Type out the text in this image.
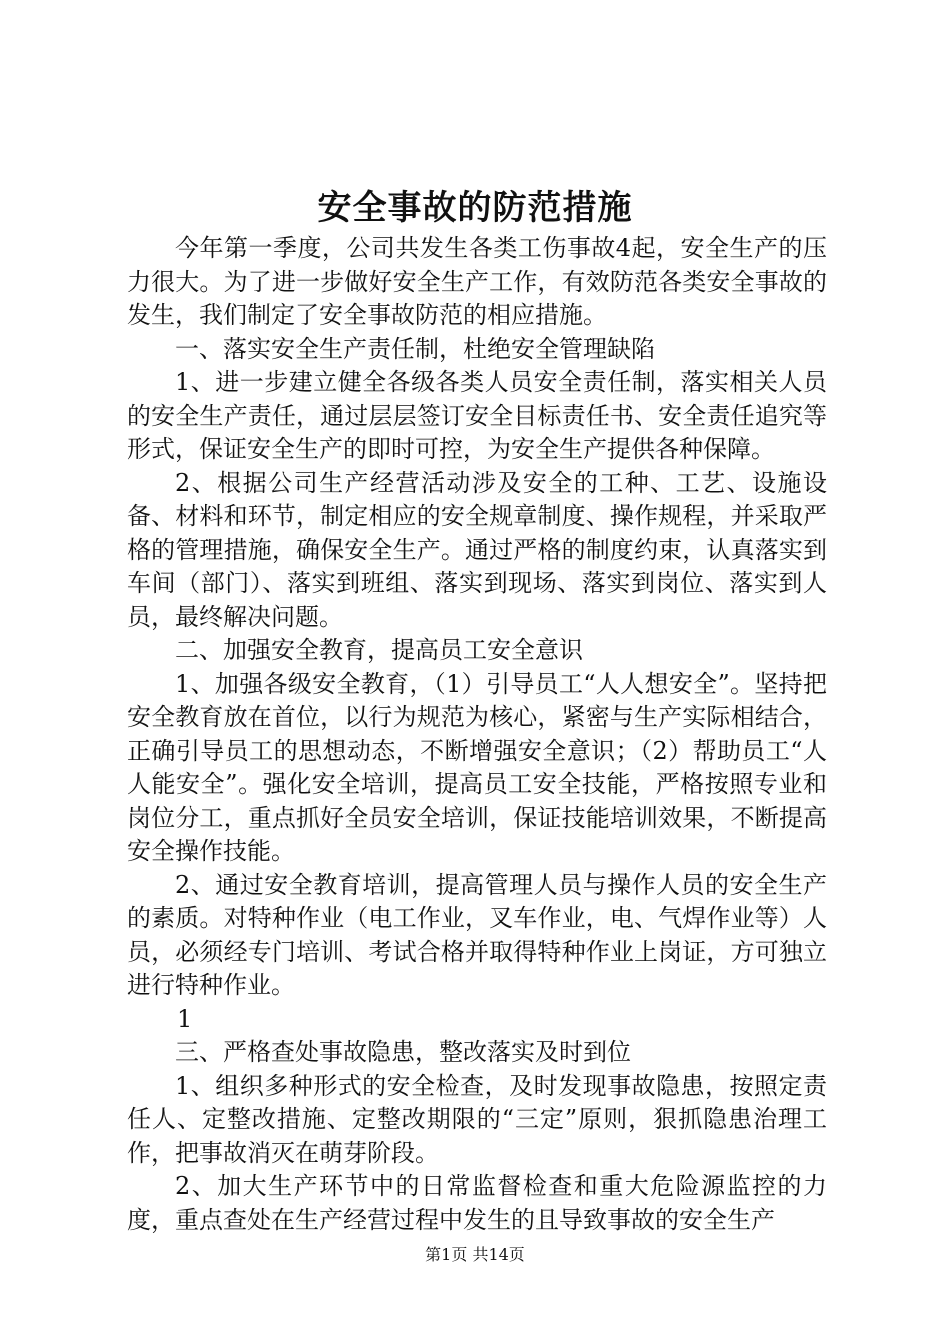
安全事故的防范措施

今年第一季度，公司共发生各类工伤事故4起，安全生产的压力很大。为了进一步做好安全生产工作，有效防范各类安全事故的发生，我们制定了安全事故防范的相应措施。

一、落实安全生产责任制，杜绝安全管理缺陷

1、进一步建立健全各级各类人员安全责任制，落实相关人员的安全生产责任，通过层层签订安全目标责任书、安全责任追究等形式，保证安全生产的即时可控，为安全生产提供各种保障。

2、根据公司生产经营活动涉及安全的工种、工艺、设施设备、材料和环节，制定相应的安全规章制度、操作规程，并采取严格的管理措施，确保安全生产。通过严格的制度约束，认真落实到车间（部门）、落实到班组、落实到现场、落实到岗位、落实到人员，最终解决问题。

二、加强安全教育，提高员工安全意识

1、加强各级安全教育，（1）引导员工“人人想安全”。坚持把安全教育放在首位，以行为规范为核心，紧密与生产实际相结合，正确引导员工的思想动态，不断增强安全意识；（2）帮助员工“人人能安全”。强化安全培训，提高员工安全技能，严格按照专业和岗位分工，重点抓好全员安全培训，保证技能培训效果，不断提高安全操作技能。

2、通过安全教育培训，提高管理人员与操作人员的安全生产的素质。对特种作业（电工作业，叉车作业，电、气焊作业等）人员，必须经专门培训、考试合格并取得特种作业上岗证，方可独立进行特种作业。

1

三、严格查处事故隐患，整改落实及时到位

1、组织多种形式的安全检查，及时发现事故隐患，按照定责任人、定整改措施、定整改期限的“三定”原则，狠抓隐患治理工作，把事故消灭在萌芽阶段。

2、加大生产环节中的日常监督检查和重大危险源监控的力度，重点查处在生产经营过程中发生的且导致事故的安全生产

第1页 共14页
